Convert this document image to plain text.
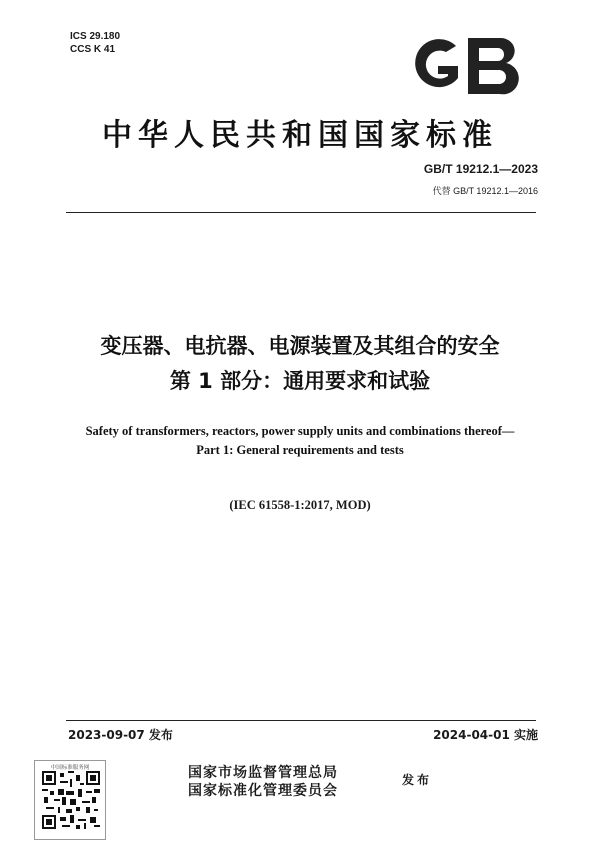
ICS 29.180
CCS K 41
中华人民共和国国家标准
GB/T 19212.1—2023
代替 GB/T 19212.1—2016
变压器、电抗器、电源装置及其组合的安全
第 1 部分：通用要求和试验
Safety of transformers, reactors, power supply units and combinations thereof—
Part 1: General requirements and tests
(IEC 61558-1:2017, MOD)
2023-09-07 发布	2024-04-01 实施
中国标准服务网	国家市场监督管理总局
国家标准化管理委员会
发布
